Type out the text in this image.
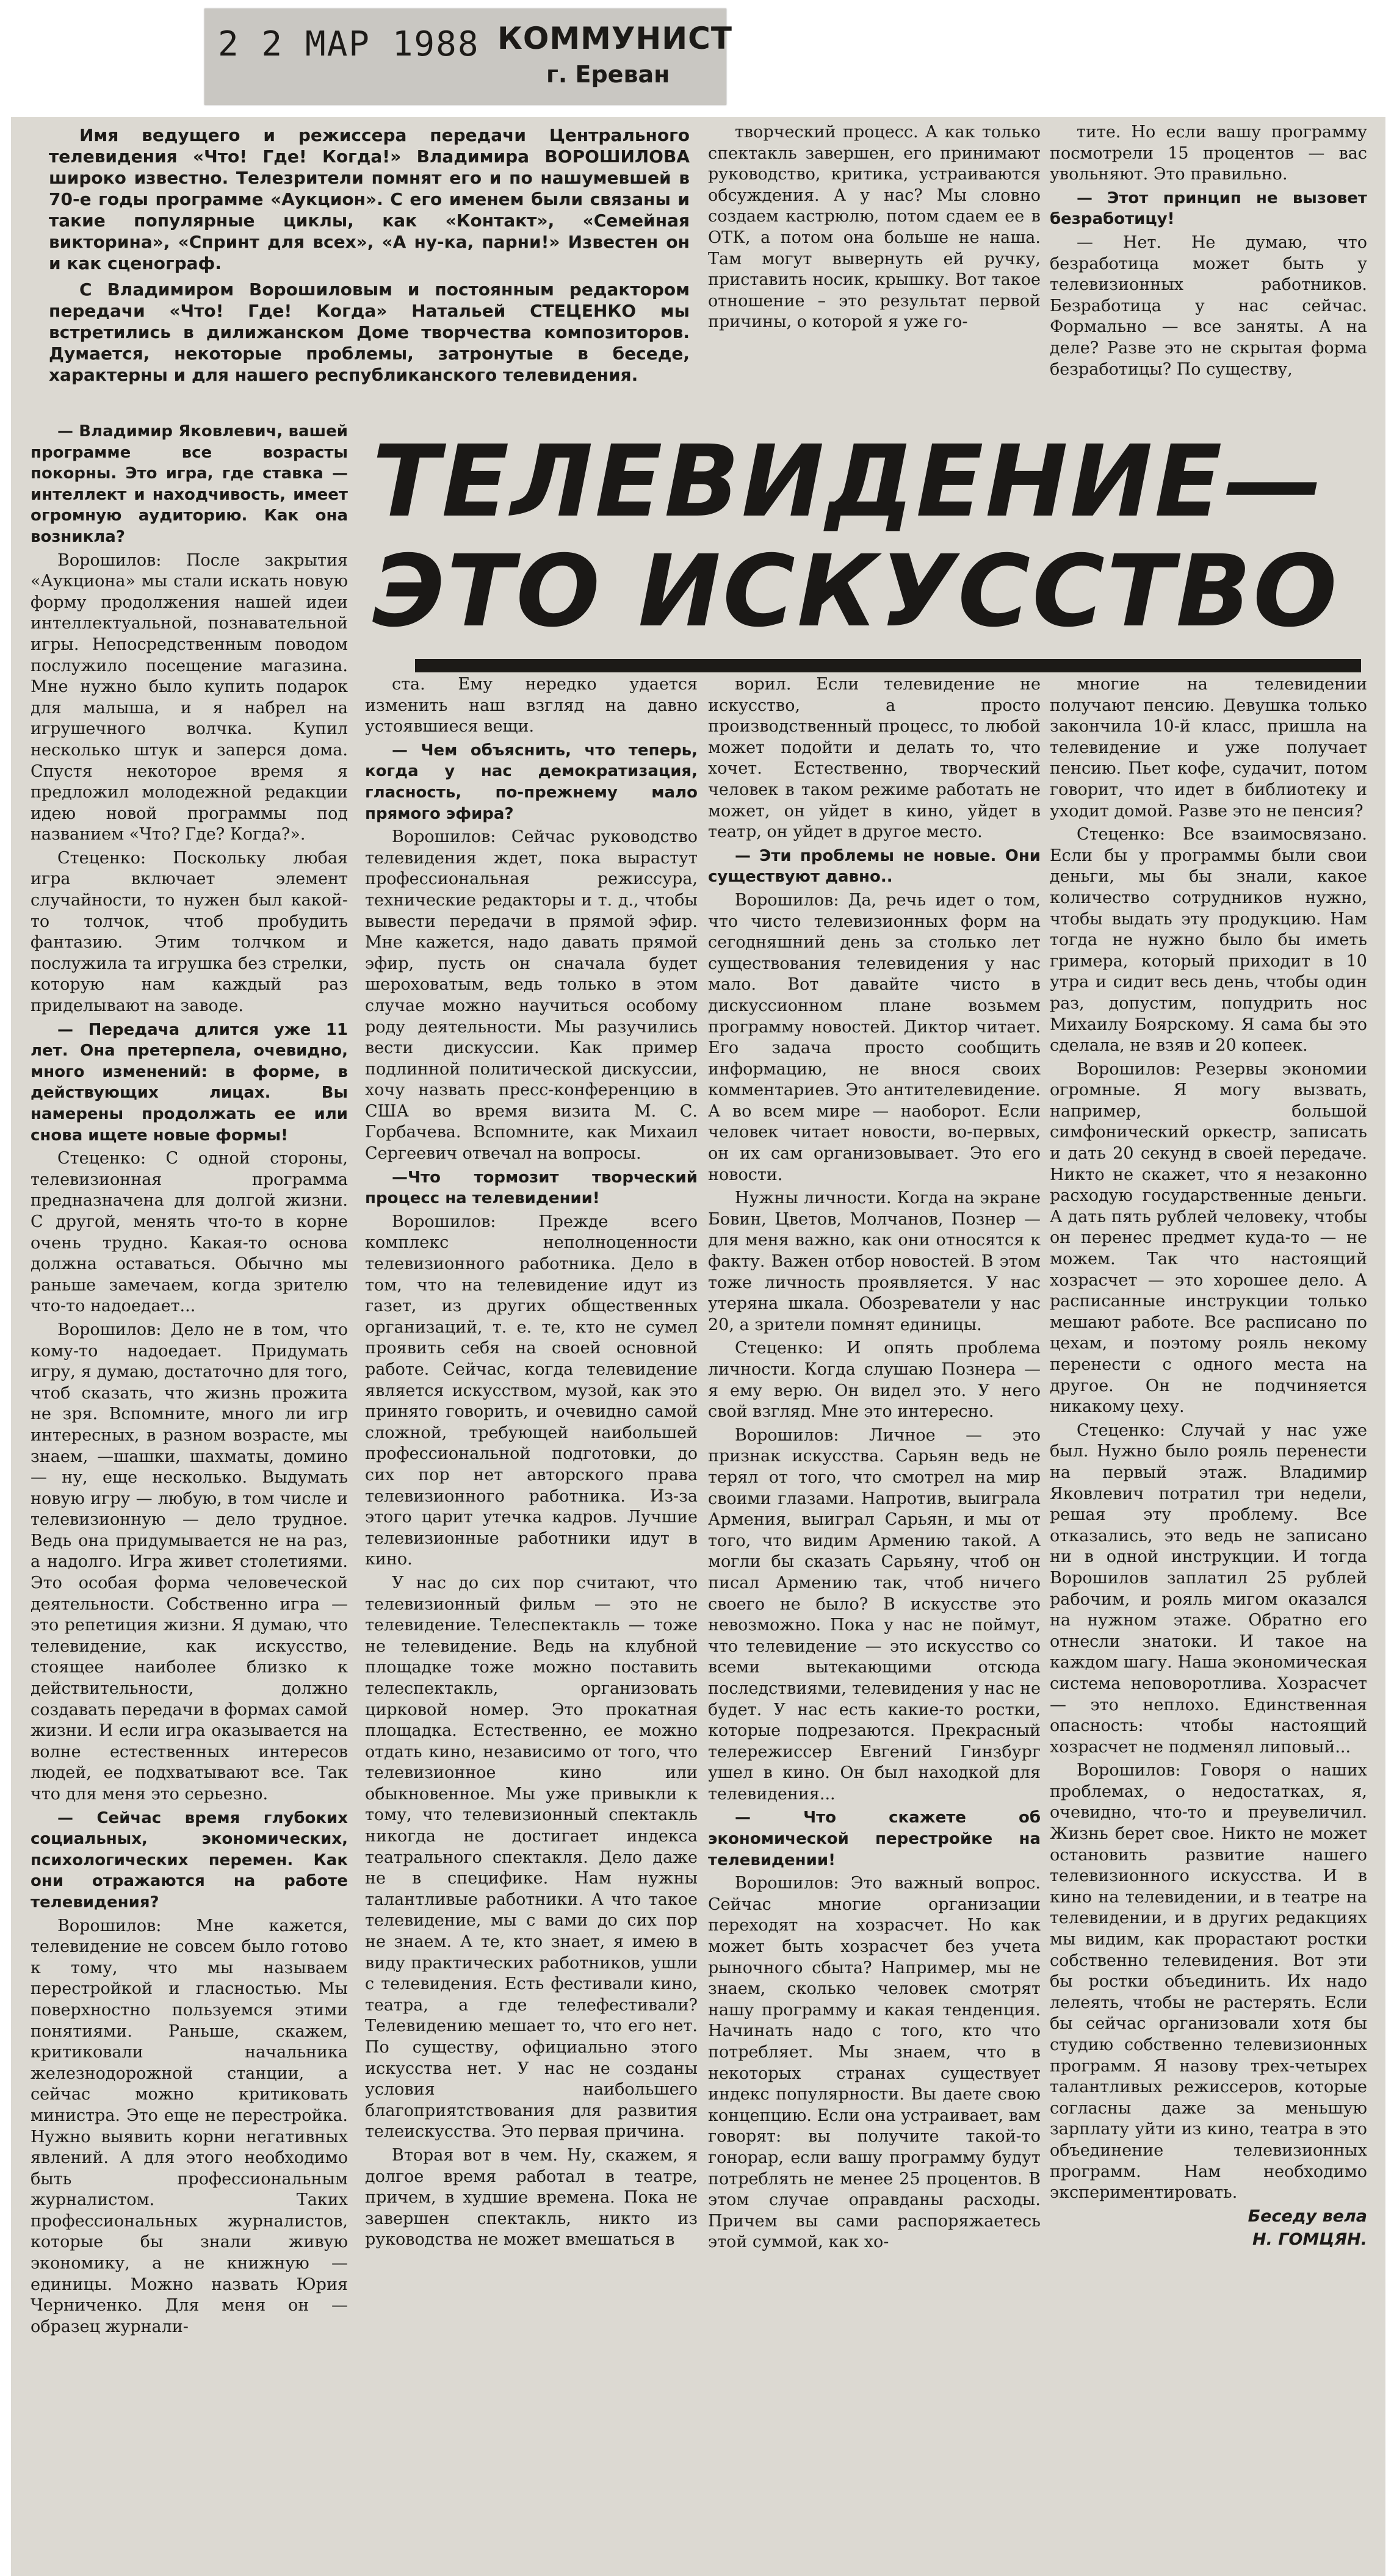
2 2 МАР 1988 КОММУНИСТ
г. Ереван

Имя ведущего и режиссера передачи Центрального телевидения «Что! Где! Когда!» Владимира ВОРОШИЛОВА широко известно. Телезрители помнят его и по нашумевшей в 70-е годы программе «Аукцион». С его именем были связаны и такие популярные циклы, как «Контакт», «Семейная викторина», «Спринт для всех», «А ну-ка, парни!» Известен он и как сценограф.

С Владимиром Ворошиловым и постоянным редактором передачи «Что! Где! Когда» Натальей СТЕЦЕНКО мы встретились в дилижанском Доме творчества композиторов. Думается, некоторые проблемы, затронутые в беседе, характерны и для нашего республиканского телевидения.

творческий процесс. А как только спектакль завершен, его принимают руководство, критика, устраиваются обсуждения. А у нас? Мы словно создаем кастрюлю, потом сдаем ее в ОТК, а потом она больше не наша. Там могут вывернуть ей ручку, приставить носик, крышку. Вот такое отношение – это результат первой причины, о которой я уже го-

тите. Но если вашу программу посмотрели 15 процентов — вас увольняют. Это правильно.

— Этот принцип не вызовет безработицу!

— Нет. Не думаю, что безработица может быть у телевизионных работников. Безработица у нас сейчас. Формально — все заняты. А на деле? Разве это не скрытая форма безработицы? По существу,

ТЕЛЕВИДЕНИЕ—
ЭТО ИСКУССТВО

— Владимир Яковлевич, вашей программе все возрасты покорны. Это игра, где ставка —интеллект и находчивость, имеет огромную аудиторию. Как она возникла?

Ворошилов: После закрытия «Аукциона» мы стали искать новую форму продолжения нашей идеи интеллектуальной, познавательной игры. Непосредственным поводом послужило посещение магазина. Мне нужно было купить подарок для малыша, и я набрел на игрушечного волчка. Купил несколько штук и заперся дома. Спустя некоторое время я предложил молодежной редакции идею новой программы под названием «Что? Где? Когда?».

Стеценко: Поскольку любая игра включает элемент случайности, то нужен был какой-то толчок, чтоб пробудить фантазию. Этим толчком и послужила та игрушка без стрелки, которую нам каждый раз приделывают на заводе.

— Передача длится уже 11 лет. Она претерпела, очевидно, много изменений: в форме, в действующих лицах. Вы намерены продолжать ее или снова ищете новые формы!

Стеценко: С одной стороны, телевизионная программа предназначена для долгой жизни. С другой, менять что-то в корне очень трудно. Какая-то основа должна оставаться. Обычно мы раньше замечаем, когда зрителю что-то надоедает...

Ворошилов: Дело не в том, что кому-то надоедает. Придумать игру, я думаю, достаточно для того, чтоб сказать, что жизнь прожита не зря. Вспомните, много ли игр интересных, в разном возрасте, мы знаем, —шашки, шахматы, домино — ну, еще несколько. Выдумать новую игру — любую, в том числе и телевизионную — дело трудное. Ведь она придумывается не на раз, а надолго. Игра живет столетиями. Это особая форма человеческой деятельности. Собственно игра — это репетиция жизни. Я думаю, что телевидение, как искусство, стоящее наиболее близко к действительности, должно создавать передачи в формах самой жизни. И если игра оказывается на волне естественных интересов людей, ее подхватывают все. Так что для меня это серьезно.

— Сейчас время глубоких социальных, экономических, психологических перемен. Как они отражаются на работе телевидения?

Ворошилов: Мне кажется, телевидение не совсем было готово к тому, что мы называем перестройкой и гласностью. Мы поверхностно пользуемся этими понятиями. Раньше, скажем, критиковали начальника железнодорожной станции, а сейчас можно критиковать министра. Это еще не перестройка. Нужно выявить корни негативных явлений. А для этого необходимо быть профессиональным журналистом. Таких профессиональных журналистов, которые бы знали живую экономику, а не книжную — единицы. Можно назвать Юрия Черниченко. Для меня он — образец журнали-

ста. Ему нередко удается изменить наш взгляд на давно устоявшиеся вещи.

— Чем объяснить, что теперь, когда у нас демократизация, гласность, по-прежнему мало прямого эфира?

Ворошилов: Сейчас руководство телевидения ждет, пока вырастут профессиональная режиссура, технические редакторы и т. д., чтобы вывести передачи в прямой эфир. Мне кажется, надо давать прямой эфир, пусть он сначала будет шероховатым, ведь только в этом случае можно научиться особому роду деятельности. Мы разучились вести дискуссии. Как пример подлинной политической дискуссии, хочу назвать пресс-конференцию в США во время визита М. С. Горбачева. Вспомните, как Михаил Сергеевич отвечал на вопросы.

—Что тормозит творческий процесс на телевидении!

Ворошилов: Прежде всего комплекс неполноценности телевизионного работника. Дело в том, что на телевидение идут из газет, из других общественных организаций, т. е. те, кто не сумел проявить себя на своей основной работе. Сейчас, когда телевидение является искусством, музой, как это принято говорить, и очевидно самой сложной, требующей наибольшей профессиональной подготовки, до сих пор нет авторского права телевизионного работника. Из-за этого царит утечка кадров. Лучшие телевизионные работники идут в кино.

У нас до сих пор считают, что телевизионный фильм — это не телевидение. Телеспектакль — тоже не телевидение. Ведь на клубной площадке тоже можно поставить телеспектакль, организовать цирковой номер. Это прокатная площадка. Естественно, ее можно отдать кино, независимо от того, что телевизионное кино или обыкновенное. Мы уже привыкли к тому, что телевизионный спектакль никогда не достигает индекса театрального спектакля. Дело даже не в специфике. Нам нужны талантливые работники. А что такое телевидение, мы с вами до сих пор не знаем. А те, кто знает, я имею в виду практических работников, ушли с телевидения. Есть фестивали кино, театра, а где телефестивали? Телевидению мешает то, что его нет. По существу, официально этого искусства нет. У нас не созданы условия наибольшего благоприятствования для развития телеискусства. Это первая причина.

Вторая вот в чем. Ну, скажем, я долгое время работал в театре, причем, в худшие времена. Пока не завершен спектакль, никто из руководства не может вмешаться в

ворил. Если телевидение не искусство, а просто производственный процесс, то любой может подойти и делать то, что хочет. Естественно, творческий человек в таком режиме работать не может, он уйдет в кино, уйдет в театр, он уйдет в другое место.

— Эти проблемы не новые. Они существуют давно..

Ворошилов: Да, речь идет о том, что чисто телевизионных форм на сегодняшний день за столько лет существования телевидения у нас мало. Вот давайте чисто в дискуссионном плане возьмем программу новостей. Диктор читает. Его задача просто сообщить информацию, не внося своих комментариев. Это антителевидение. А во всем мире — наоборот. Если человек читает новости, во-первых, он их сам организовывает. Это его новости.

Нужны личности. Когда на экране Бовин, Цветов, Молчанов, Познер — для меня важно, как они относятся к факту. Важен отбор новостей. В этом тоже личность проявляется. У нас утеряна шкала. Обозреватели у нас 20, а зрители помнят единицы.

Стеценко: И опять проблема личности. Когда слушаю Познера — я ему верю. Он видел это. У него свой взгляд. Мне это интересно.

Ворошилов: Личное — это признак искусства. Сарьян ведь не терял от того, что смотрел на мир своими глазами. Напротив, выиграла Армения, выиграл Сарьян, и мы от того, что видим Армению такой. А могли бы сказать Сарьяну, чтоб он писал Армению так, чтоб ничего своего не было? В искусстве это невозможно. Пока у нас не поймут, что телевидение — это искусство со всеми вытекающими отсюда последствиями, телевидения у нас не будет. У нас есть какие-то ростки, которые подрезаются. Прекрасный телережиссер Евгений Гинзбург ушел в кино. Он был находкой для телевидения...

— Что скажете об экономической перестройке на телевидении!

Ворошилов: Это важный вопрос. Сейчас многие организации переходят на хозрасчет. Но как может быть хозрасчет без учета рыночного сбыта? Например, мы не знаем, сколько человек смотрят нашу программу и какая тенденция. Начинать надо с того, кто что потребляет. Мы знаем, что в некоторых странах существует индекс популярности. Вы даете свою концепцию. Если она устраивает, вам говорят: вы получите такой-то гонорар, если вашу программу будут потреблять не менее 25 процентов. В этом случае оправданы расходы. Причем вы сами распоряжаетесь этой суммой, как хо-

многие на телевидении получают пенсию. Девушка только закончила 10-й класс, пришла на телевидение и уже получает пенсию. Пьет кофе, судачит, потом говорит, что идет в библиотеку и уходит домой. Разве это не пенсия?

Стеценко: Все взаимосвязано. Если бы у программы были свои деньги, мы бы знали, какое количество сотрудников нужно, чтобы выдать эту продукцию. Нам тогда не нужно было бы иметь гримера, который приходит в 10 утра и сидит весь день, чтобы один раз, допустим, попудрить нос Михаилу Боярскому. Я сама бы это сделала, не взяв и 20 копеек.

Ворошилов: Резервы экономии огромные. Я могу вызвать, например, большой симфонический оркестр, записать и дать 20 секунд в своей передаче. Никто не скажет, что я незаконно расходую государственные деньги. А дать пять рублей человеку, чтобы он перенес предмет куда-то — не можем. Так что настоящий хозрасчет — это хорошее дело. А расписанные инструкции только мешают работе. Все расписано по цехам, и поэтому рояль некому перенести с одного места на другое. Он не подчиняется никакому цеху.

Стеценко: Случай у нас уже был. Нужно было рояль перенести на первый этаж. Владимир Яковлевич потратил три недели, решая эту проблему. Все отказались, это ведь не записано ни в одной инструкции. И тогда Ворошилов заплатил 25 рублей рабочим, и рояль мигом оказался на нужном этаже. Обратно его отнесли знатоки. И такое на каждом шагу. Наша экономическая система неповоротлива. Хозрасчет — это неплохо. Единственная опасность: чтобы настоящий хозрасчет не подменял липовый...

Ворошилов: Говоря о наших проблемах, о недостатках, я, очевидно, что-то и преувеличил. Жизнь берет свое. Никто не может остановить развитие нашего телевизионного искусства. И в кино на телевидении, и в театре на телевидении, и в других редакциях мы видим, как прорастают ростки собственно телевидения. Вот эти бы ростки объединить. Их надо лелеять, чтобы не растерять. Если бы сейчас организовали хотя бы студию собственно телевизионных программ. Я назову трех-четырех талантливых режиссеров, которые согласны даже за меньшую зарплату уйти из кино, театра в это объединение телевизионных программ. Нам необходимо экспериментировать.

Беседу вела

Н. ГОМЦЯН.
